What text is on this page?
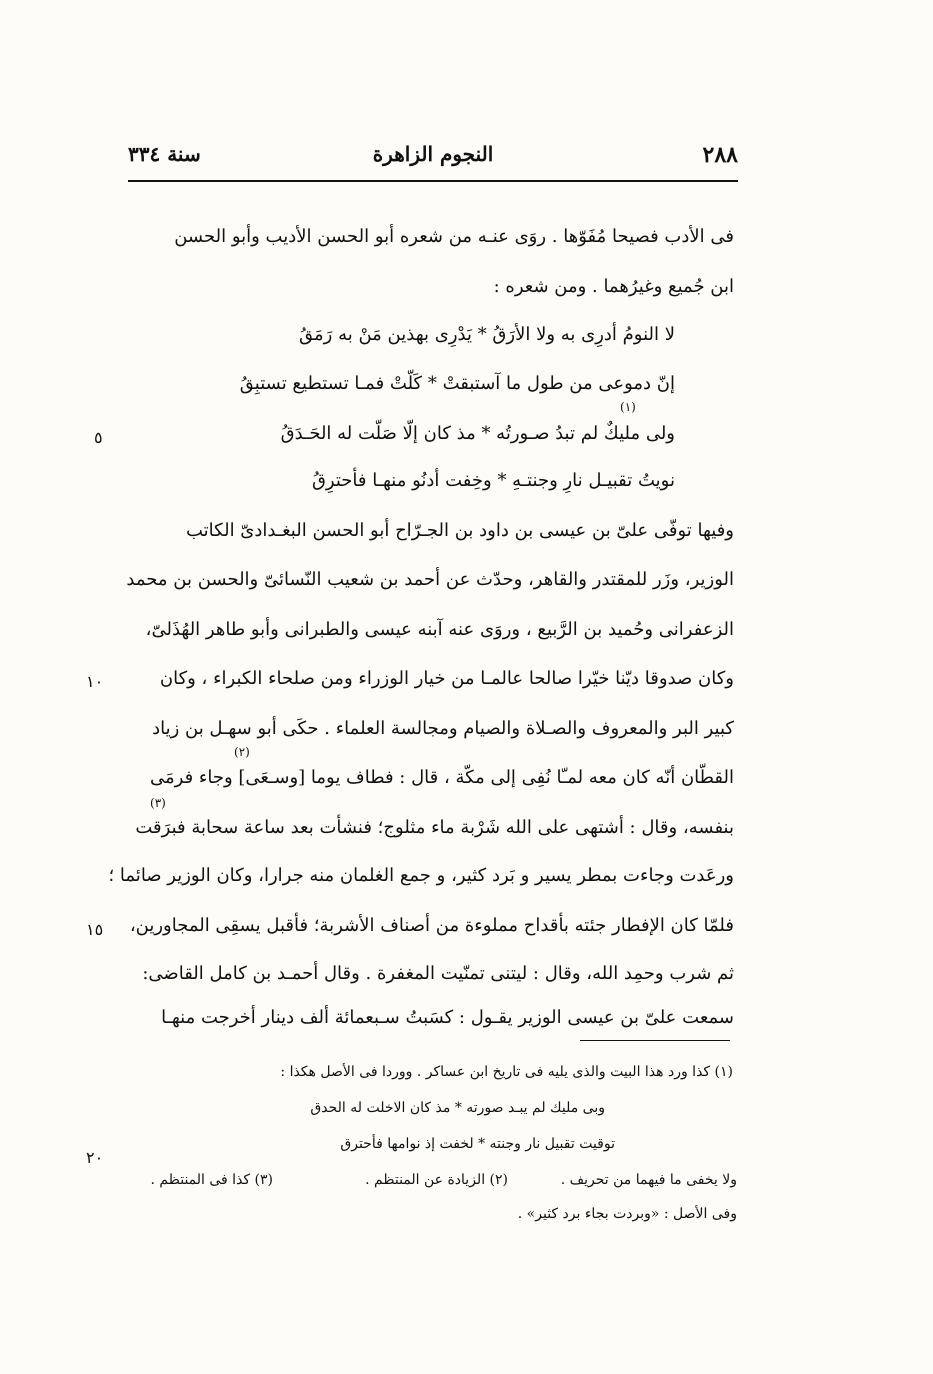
٢٨٨
النجوم الزاهرة
سنة ٣٣٤
فى الأدب فصيحا مُفَوّها . روَى عنـه من شعره أبو الحسن الأديب وأبو الحسن
ابن جُميع وغيرُهما . ومن شعره :
وفيها توفّى علىّ بن عيسى بن داود بن الجـرّاح أبو الحسن البغـدادىّ الكاتب
الوزير، وزَر للمقتدر والقاهر، وحدّث عن أحمد بن شعيب النّسائىّ والحسن بن محمد
الزعفرانى وحُميد بن الرَّبيع ، وروَى عنه آبنه عيسى والطبرانى وأبو طاهر الهُذَلىّ،
وكان صدوقا ديّنا خيّرا صالحا عالمـا من خيار الوزراء ومن صلحاء الكبراء ، وكان
كبير البر والمعروف والصـلاة والصيام ومجالسة العلماء . حكَى أبو سهـل بن زياد
القطّان أنّه كان معه لمـّا نُفِى إلى مكّة ، قال : فطاف يوما [وسـعَى] وجاء فرمَى
بنفسه، وقال : أشتهى على الله شَرْبة ماء مثلوج؛ فنشأت بعد ساعة سحابة فبرَقت
ورعَدت وجاءت بمطر يسير و بَرد كثير، و جمع الغلمان منه جرارا، وكان الوزير صائما ؛
فلمّا كان الإفطار جئته بأقداح مملوءة من أصناف الأشربة؛ فأقبل يسقِى المجاورين،
ثم شرب وحمِد الله، وقال : ليتنى تمنّيت المغفرة . وقال أحمـد بن كامل القاضى:
سمعت علىّ بن عيسى الوزير يقـول : كسَبتُ سـبعمائة ألف دينار أخرجت منهـا
لا النومُ أدرِى به ولا الأرَقُ * يَدْرِى بهذين مَنْ به رَمَقُ
إنّ دموعى من طول ما آستبقتْ * كَلّتْ فمـا تستطيع تستبِقُ
ولى مليكٌ لم تبدُ صـورتُه * مذ كان إلّا صَلّت له الحَـدَقُ
نويتُ تقبيـل نارِ وجنتـهِ * وخِفت أدنُو منهـا فأحترِقُ
(١)
(٢)
(٣)
٥
١٠
١٥
٢٠
(١) كذا ورد هذا البيت والذى يليه فى تاريخ ابن عساكر . ووردا فى الأصل هكذا :
وبى مليك لم يبـد صورته * مذ كان الاخلت له الحدق
توقيت تقبيل نار وجنته * لخفت إذ نوامها فأحترق
ولا يخفى ما فيهما من تحريف .
(٢) الزيادة عن المنتظم .
(٣) كذا فى المنتظم .
وفى الأصل : «وبردت بجاء برد كثير» .
